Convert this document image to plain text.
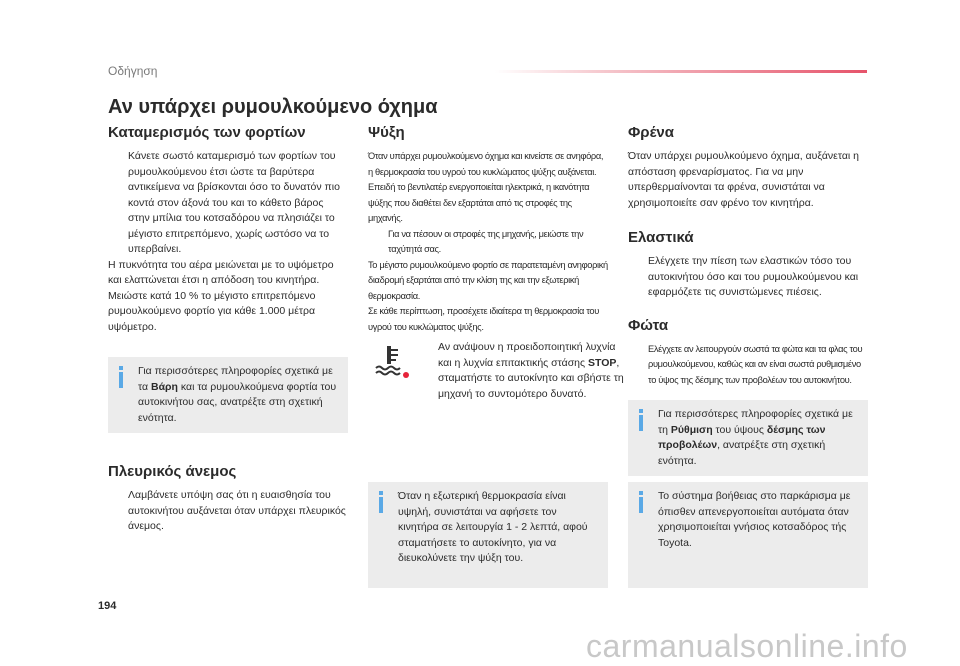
Οδήγηση
Αν υπάρχει ρυμουλκούμενο όχημα
Καταμερισμός των φορτίων
Κάνετε σωστό καταμερισμό των φορτίων του ρυμουλκούμενου έτσι ώστε τα βαρύτερα αντικείμενα να βρίσκονται όσο το δυνατόν πιο κοντά στον άξονά του και το κάθετο βάρος στην μπίλια του κοτσαδόρου να πλησιάζει το μέγιστο επιτρεπόμενο, χωρίς ωστόσο να το υπερβαίνει.

Η πυκνότητα του αέρα μειώνεται με το υψόμετρο και ελαττώνεται έτσι η απόδοση του κινητήρα. Μειώστε κατά 10 % το μέγιστο επιτρεπόμενο ρυμουλκούμενο φορτίο για κάθε 1.000 μέτρα υψόμετρο.

Για περισσότερες πληροφορίες σχετικά με τα Βάρη και τα ρυμουλκούμενα φορτία του αυτοκινήτου σας, ανατρέξτε στη σχετική ενότητα.
Πλευρικός άνεμος
Λαμβάνετε υπόψη σας ότι η ευαισθησία του αυτοκινήτου αυξάνεται όταν υπάρχει πλευρικός άνεμος.
Ψύξη

Όταν υπάρχει ρυμουλκούμενο όχημα και κινείστε σε ανηφόρα, η θερμοκρασία του υγρού του κυκλώματος ψύξης αυξάνεται. Επειδή το βεντιλατέρ ενεργοποιείται ηλεκτρικά, η ικανότητα ψύξης που διαθέτει δεν εξαρτάται από τις στροφές της μηχανής.

Για να πέσουν οι στροφές της μηχανής, μειώστε την ταχύτητά σας.

Το μέγιστο ρυμουλκούμενο φορτίο σε παρατεταμένη ανηφορική διαδρομή εξαρτάται από την κλίση της και την εξωτερική θερμοκρασία.

Σε κάθε περίπτωση, προσέχετε ιδιαίτερα τη θερμοκρασία του υγρού του κυκλώματος ψύξης.

Αν ανάψουν η προειδοποιητική λυχνία και η λυχνία επιτακτικής στάσης STOP, σταματήστε το αυτοκίνητο και σβήστε τη μηχανή το συντομότερο δυνατό.
Όταν η εξωτερική θερμοκρασία είναι υψηλή, συνιστάται να αφήσετε τον κινητήρα σε λειτουργία 1 - 2 λεπτά, αφού σταματήσετε το αυτοκίνητο, για να διευκολύνετε την ψύξη του.
Φρένα

Όταν υπάρχει ρυμουλκούμενο όχημα, αυξάνεται η απόσταση φρεναρίσματος. Για να μην υπερθερμαίνονται τα φρένα, συνιστάται να χρησιμοποιείτε σαν φρένο τον κινητήρα.

Ελαστικά
Ελέγχετε την πίεση των ελαστικών τόσο του αυτοκινήτου όσο και του ρυμουλκούμενου και εφαρμόζετε τις συνιστώμενες πιέσεις.
Φώτα
Ελέγχετε αν λειτουργούν σωστά τα φώτα και τα φλας του ρυμουλκούμενου, καθώς και αν είναι σωστά ρυθμισμένο το ύψος της δέσμης των προβολέων του αυτοκινήτου.
Για περισσότερες πληροφορίες σχετικά με τη Ρύθμιση του ύψους δέσμης των προβολέων, ανατρέξτε στη σχετική ενότητα.
Το σύστημα βοήθειας στο παρκάρισμα με όπισθεν απενεργοποιείται αυτόματα όταν χρησιμοποιείται γνήσιος κοτσαδόρος τής Toyota.
194
carmanualsonline.info
